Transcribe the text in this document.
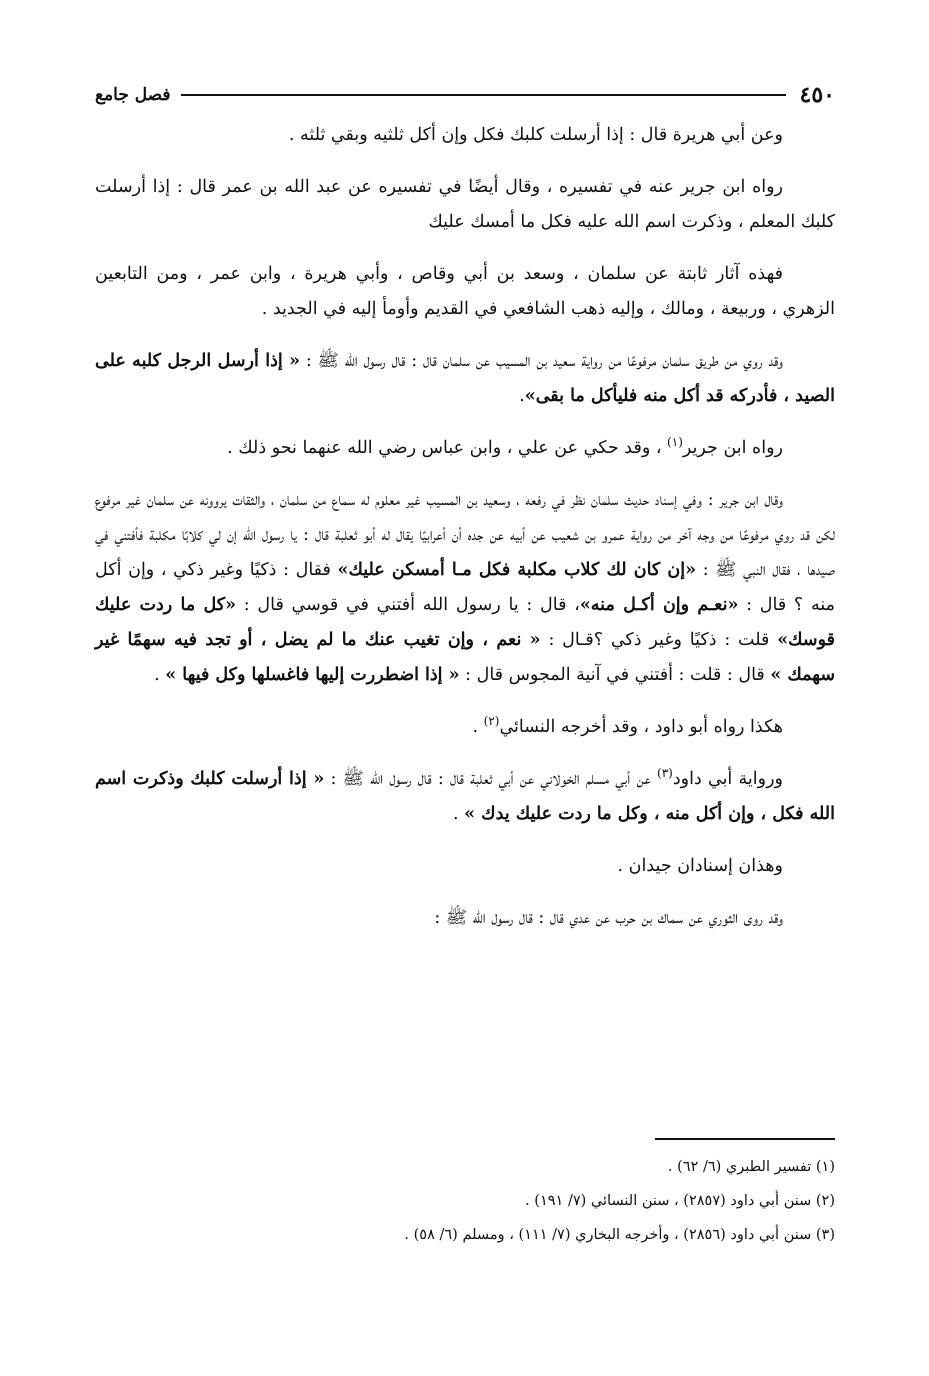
٤٥٠
فصل جامع

وعن أبي هريرة قال : إذا أرسلت كلبك فكل وإن أكل ثلثيه وبقي ثلثه .

رواه ابن جرير عنه في تفسيره ، وقال أيضًا في تفسيره عن عبد الله بن عمر قال : إذا أرسلت كلبك المعلم ، وذكرت اسم الله عليه فكل ما أمسك عليك

فهذه آثار ثابتة عن سلمان ، وسعد بن أبي وقاص ، وأبي هريرة ، وابن عمر ، ومن التابعين الزهري ، وربيعة ، ومالك ، وإليه ذهب الشافعي في القديم وأومأ إليه في الجديد .

وقد روي من طريق سلمان مرفوعًا من رواية سعيد بن المسيب عن سلمان قال : قال رسول الله ﷺ : « إذا أرسل الرجل كلبه على الصيد ، فأدركه قد أكل منه فليأكل ما بقى».

رواه ابن جرير$^{(١)}$ ، وقد حكي عن علي ، وابن عباس رضي الله عنهما نحو ذلك .

وقال ابن جرير : وفي إسناد حديث سلمان نظر في رفعه ، وسعيد بن المسيب غير معلوم له سماع من سلمان ، والثقات يروونه عن سلمان غير مرفوع لكن قد روي مرفوعًا من وجه آخر من رواية عمرو بن شعيب عن أبيه عن جده أن أعرابيًا يقال له أبو ثعلبة قال : يا رسول الله إن لي كلابًا مكلبة فأفتني في صيدها ، فقال النبي ﷺ : «إن كان لك كلاب مكلبة فكل مـا أمسكن عليك» فقال : ذكيًا وغير ذكي ، وإن أكل منه ؟ قال : «نعـم وإن أكـل منه»، قال : يا رسول الله أفتني في قوسي قال : «كل ما ردت عليك قوسك» قلت : ذكيًا وغير ذكي ؟قـال : « نعم ، وإن تغيب عنك ما لم يضل ، أو تجد فيه سهمًا غير سهمك » قال : قلت : أفتني في آنية المجوس قال : « إذا اضطررت إليها فاغسلها وكل فيها » .

هكذا رواه أبو داود ، وقد أخرجه النسائي$^{(٢)}$ .

ورواية أبي داود$^{(٣)}$ عن أبي مسلم الخولاني عن أبي ثعلبة قال : قال رسول الله ﷺ : « إذا أرسلت كلبك وذكرت اسم الله فكل ، وإن أكل منه ، وكل ما ردت عليك يدك » .

وهذان إسنادان جيدان .

وقد روى الثوري عن سماك بن حرب عن عدي قال : قال رسول الله ﷺ :

(١) تفسير الطبري (٦/ ٦٢) .
(٢) سنن أبي داود (٢٨٥٧) ، سنن النسائي (٧/ ١٩١) .
(٣) سنن أبي داود (٢٨٥٦) ، وأخرجه البخاري (٧/ ١١١) ، ومسلم (٦/ ٥٨) .
